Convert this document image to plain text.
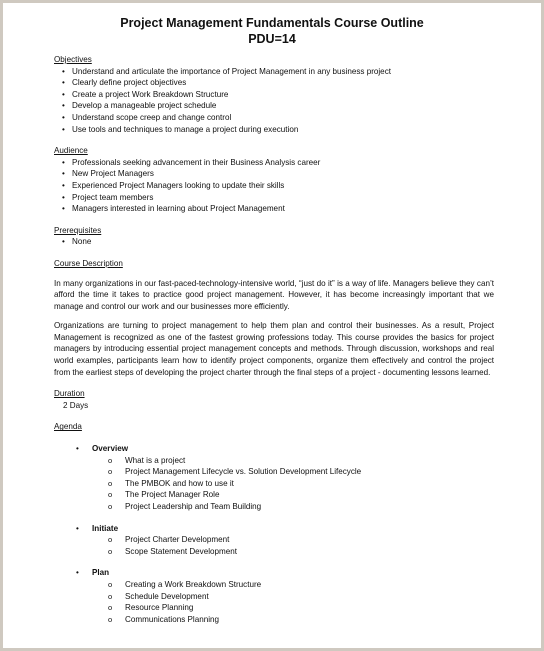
Project Management Fundamentals Course Outline
PDU=14
Objectives
• Understand and articulate the importance of Project Management in any business project
• Clearly define project objectives
• Create a project Work Breakdown Structure
• Develop a manageable project schedule
• Understand scope creep and change control
• Use tools and techniques to manage a project during execution
Audience
• Professionals seeking advancement in their Business Analysis career
• New Project Managers
• Experienced Project Managers looking to update their skills
• Project team members
• Managers interested in learning about Project Management
Prerequisites
• None
Course Description

In many organizations in our fast-paced-technology-intensive world, “just do it” is a way of life. Managers believe they can’t afford the time it takes to practice good project management. However, it has become increasingly important that we manage and control our work and our businesses more efficiently.

Organizations are turning to project management to help them plan and control their businesses. As a result, Project Management is recognized as one of the fastest growing professions today. This course provides the basics for project managers by introducing essential project management concepts and methods. Through discussion, workshops and real world examples, participants learn how to identify project components, organize them effectively and control the project from the earliest steps of developing the project charter through the final steps of a project - documenting lessons learned.

Duration
2 Days
Agenda
• Overview
o What is a project
o Project Management Lifecycle vs. Solution Development Lifecycle
o The PMBOK and how to use it
o The Project Manager Role
o Project Leadership and Team Building
• Initiate
o Project Charter Development
o Scope Statement Development
• Plan
o Creating a Work Breakdown Structure
o Schedule Development
o Resource Planning
o Communications Planning
